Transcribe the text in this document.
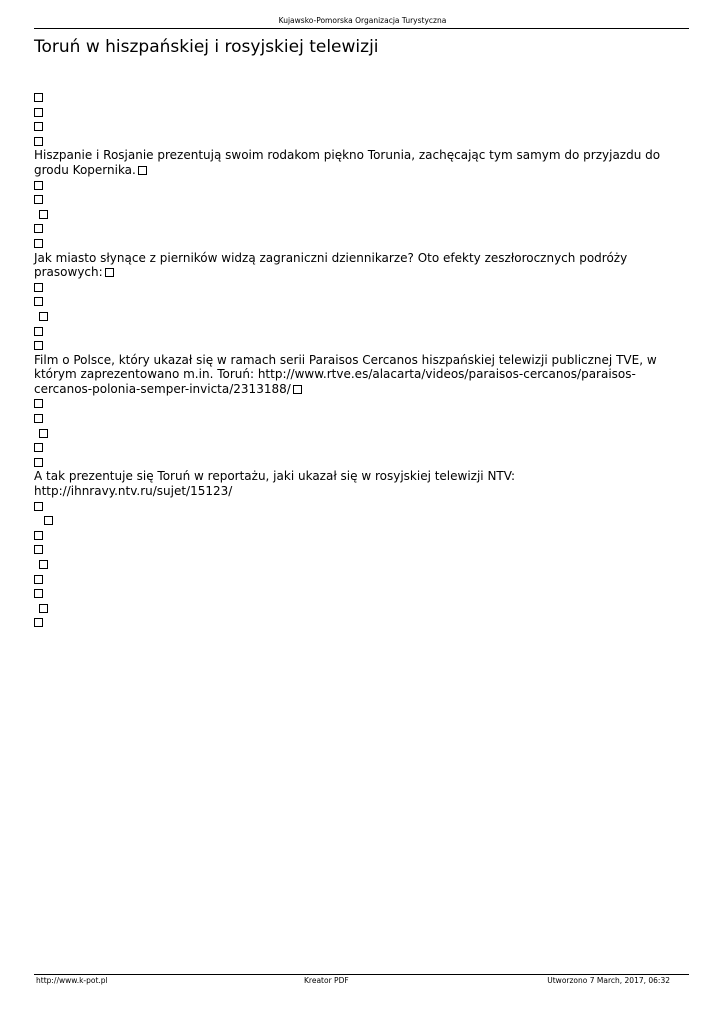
Kujawsko-Pomorska Organizacja Turystyczna
Toruń w hiszpańskiej i rosyjskiej telewizji
Hiszpanie i Rosjanie prezentują swoim rodakom piękno Torunia, zachęcając tym samym do przyjazdu do grodu Kopernika.
Jak miasto słynące z pierników widzą zagraniczni dziennikarze? Oto efekty zeszłorocznych podróży prasowych:
Film o Polsce, który ukazał się w ramach serii Paraisos Cercanos hiszpańskiej telewizji publicznej TVE, w którym zaprezentowano m.in. Toruń: http://www.rtve.es/alacarta/videos/paraisos-cercanos/paraisos-cercanos-polonia-semper-invicta/2313188/
A tak prezentuje się Toruń w reportażu, jaki ukazał się w rosyjskiej telewizji NTV: http://ihnravy.ntv.ru/sujet/15123/
http://www.k-pot.pl	Kreator PDF	Utworzono 7 March, 2017, 06:32
